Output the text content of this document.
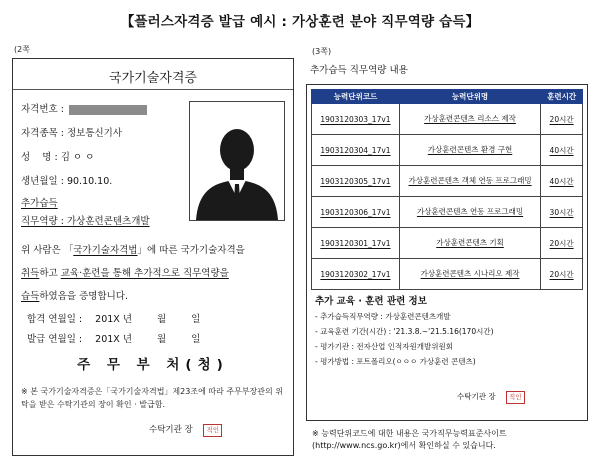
【플러스자격증 발급 예시 : 가상훈련 분야 직무역량 습득】
(2쪽
국가기술자격증
자격번호 :
자격종목 : 정보통신기사
성    명 : 김 ㅇ ㅇ
생년월일 : 90.10.10.
추가습득
직무역량 : 가상훈련콘텐츠개발
위 사람은 「국가기술자격법」에 따른 국가기술자격을
취득하고 교육·훈련을 통해 추가적으로 직무역량을
습득하였음을 증명합니다.
합격 연월일 : 201X 년	월	일
발급 연월일 : 201X 년	월	일
주 무 부 처(청)
※ 본 국가기술자격증은「국가기술자격법」제23조에 따라 주무부장관의 위탁을 받은 수탁기관의 장이 확인 · 발급함.
수탁기관 장 직인
(3쪽)
추가습득 직무역량 내용
능력단위코드	능력단위명	훈련시간
1903120303_17v1	가상훈련콘텐츠 리소스 제작	20시간
1903120304_17v1	가상훈련콘텐츠 환경 구현	40시간
1903120305_17v1	가상훈련콘텐츠 객체 연동 프로그래밍	40시간
1903120306_17v1	가상훈련콘텐츠 연동 프로그래밍	30시간
1903120301_17v1	가상훈련콘텐츠 기획	20시간
1903120302_17v1	가상훈련콘텐츠 시나리오 제작	20시간
추가 교육 · 훈련 관련 정보
- 추가습득직무역량 : 가상훈련콘텐츠개발
- 교육훈련 기간(시간) : '21.3.8.~'21.5.16(170시간)
- 평가기관 : 전자산업 인적자원개발위원회
- 평가방법 : 포트폴리오(ㅇㅇㅇ 가상훈련 콘텐츠)
수탁기관 장 직인
※ 능력단위코드에 대한 내용은 국가직무능력표준사이트(http://www.ncs.go.kr)에서 확인하실 수 있습니다.
